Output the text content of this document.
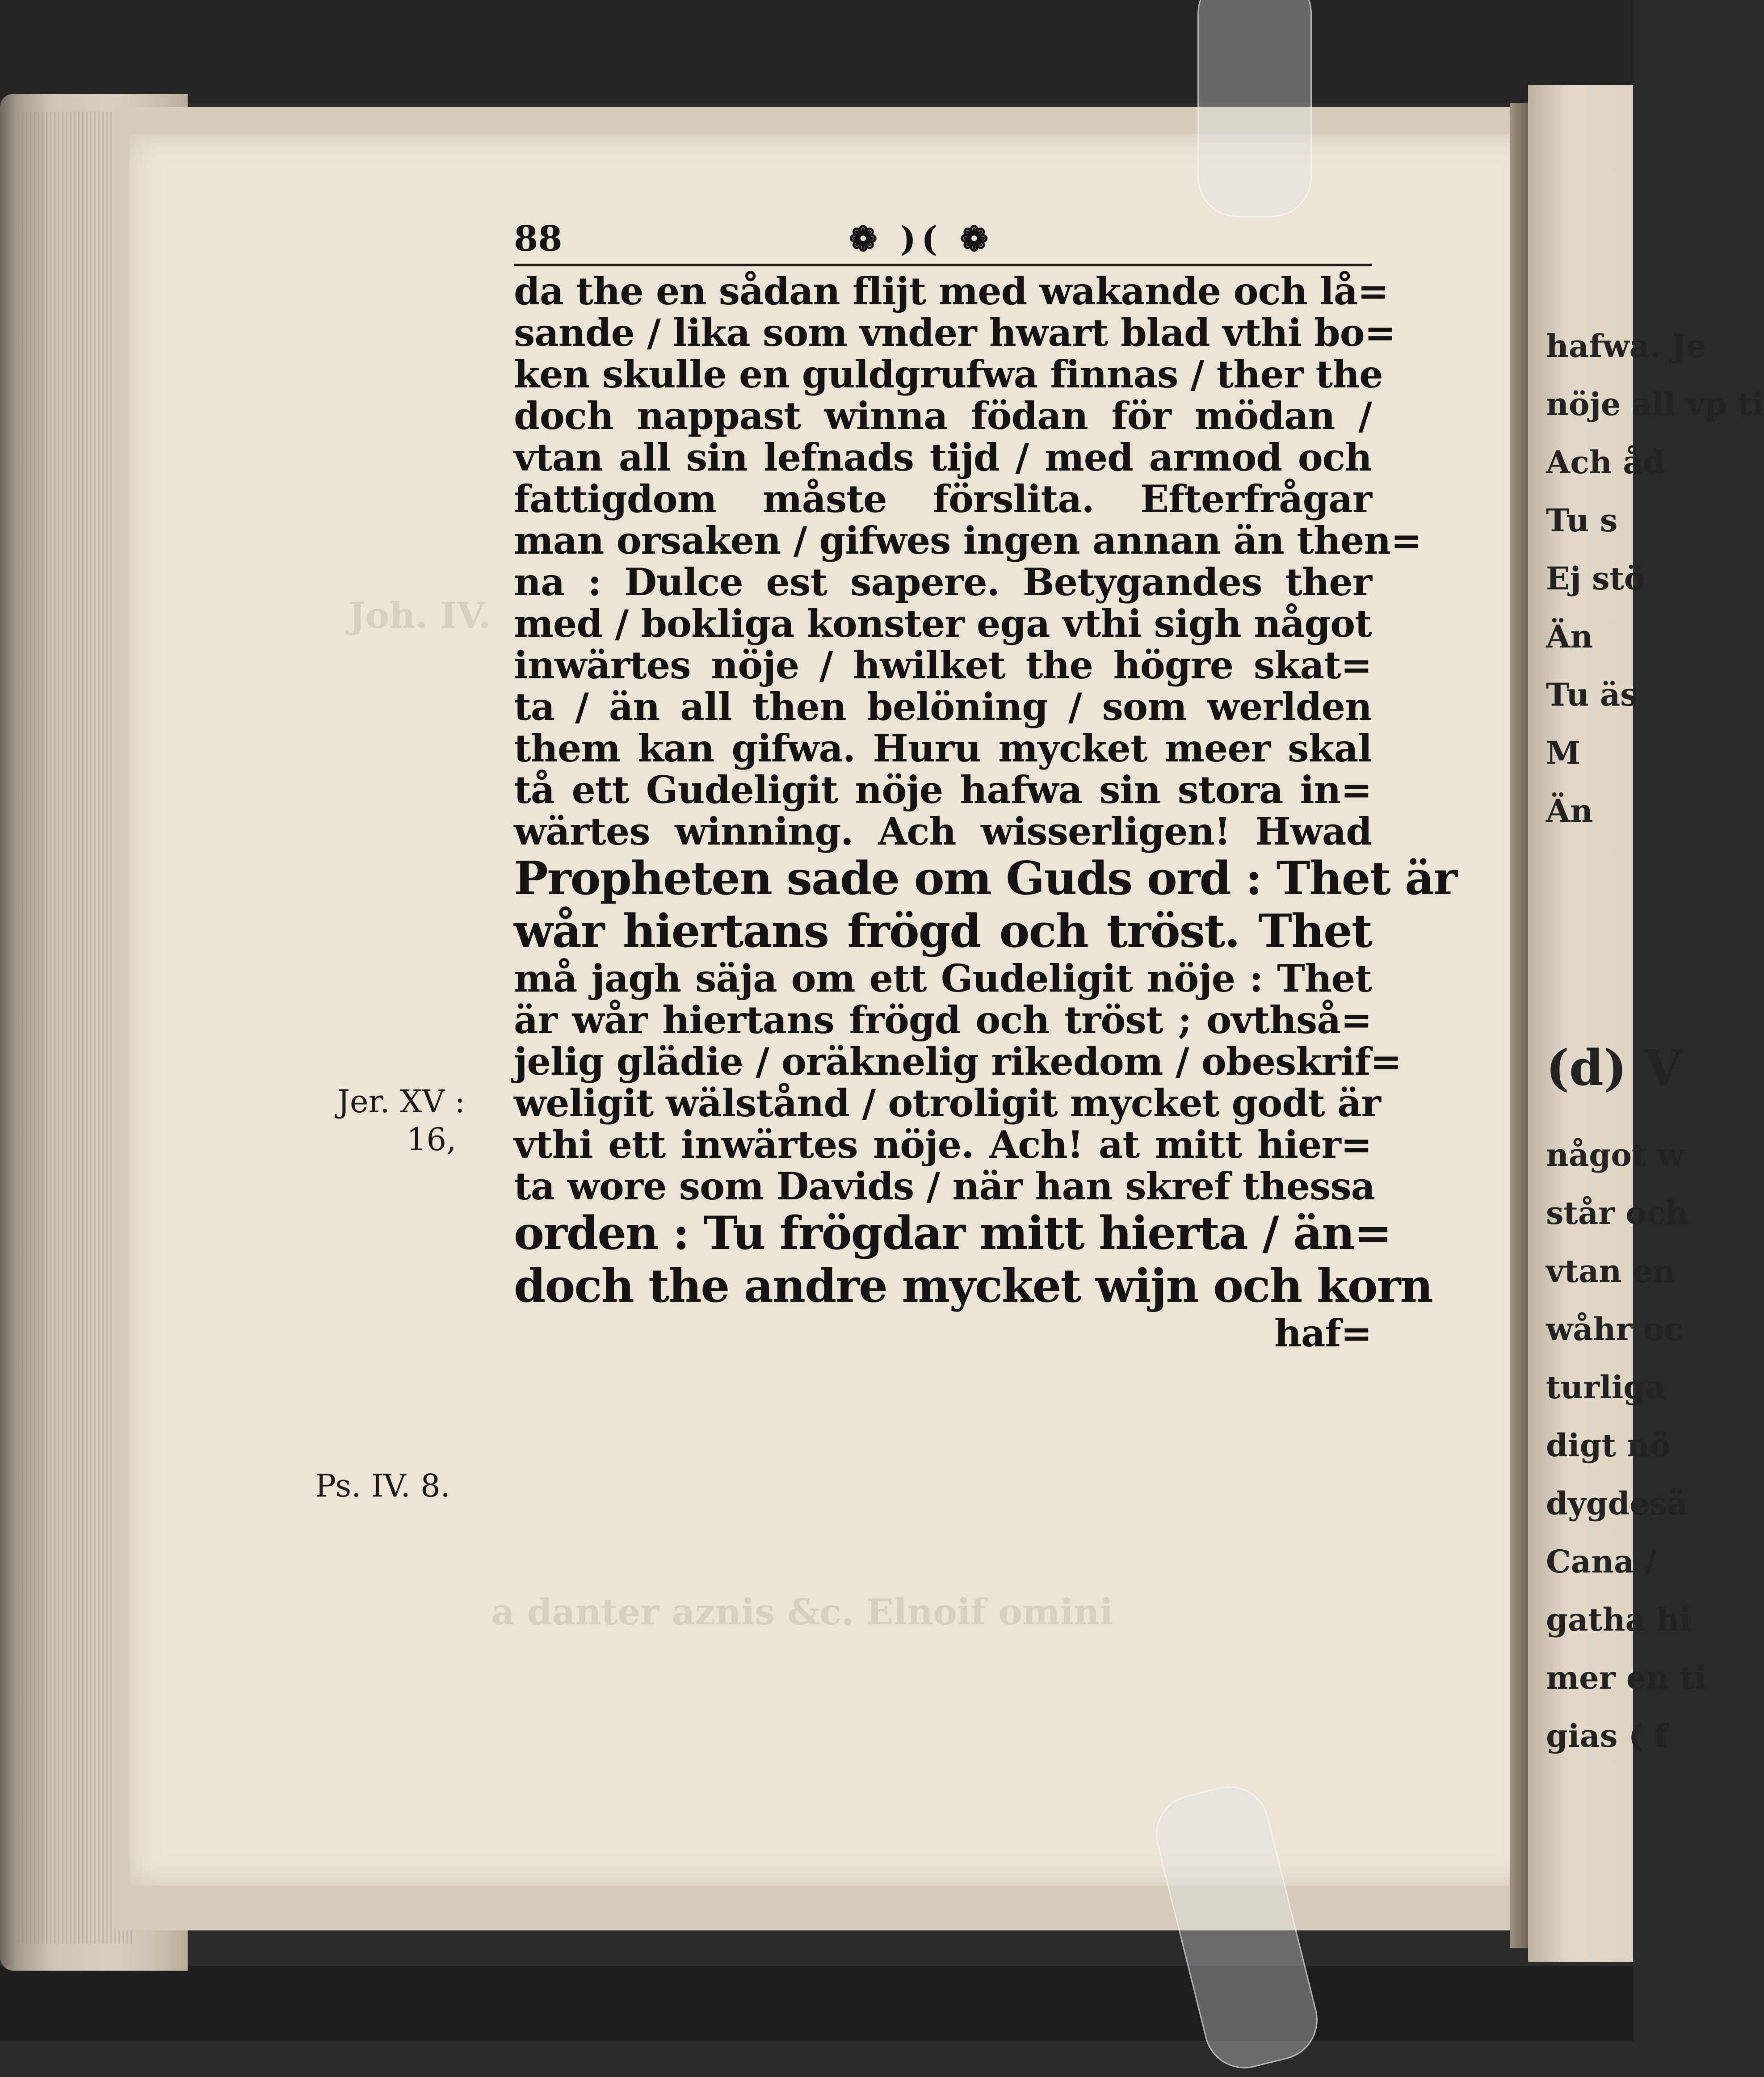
hafwa. Je
nöje all vp ti
Ach åd
Tu s
Ej stö
Än
Tu äs
M
Än
(d) V
något w
står och
vtan en
wåhr oc
turliga
digt nö
dygdesä
Cana /
gatha hi
mer en ti
gias ( f
Joh. IV.
a danter aznis &c. Elnoif omini
88	❁ )( ❁
da the en sådan flijt med wakande och lå=
sande / lika som vnder hwart blad vthi bo=
ken skulle en guldgrufwa finnas / ther the
doch nappast winna födan för mödan /
vtan all sin lefnads tijd / med armod och
fattigdom måste förslita. Efterfrågar
man orsaken / gifwes ingen annan än then=
na : Dulce est sapere. Betygandes ther
med / bokliga konster ega vthi sigh något
inwärtes nöje / hwilket the högre skat=
ta / än all then belöning / som werlden
them kan gifwa. Huru mycket meer skal
tå ett Gudeligit nöje hafwa sin stora in=
wärtes winning. Ach wisserligen! Hwad
Propheten sade om Guds ord : Thet är
wår hiertans frögd och tröst. Thet
må jagh säja om ett Gudeligit nöje : Thet
är wår hiertans frögd och tröst ; ovthså=
jelig glädie / oräknelig rikedom / obeskrif=
weligit wälstånd / otroligit mycket godt är
vthi ett inwärtes nöje. Ach! at mitt hier=
ta wore som Davids / när han skref thessa
orden : Tu frögdar mitt hierta / än=
doch the andre mycket wijn och korn
haf=
Jer. XV :
16,
Ps. IV. 8.
